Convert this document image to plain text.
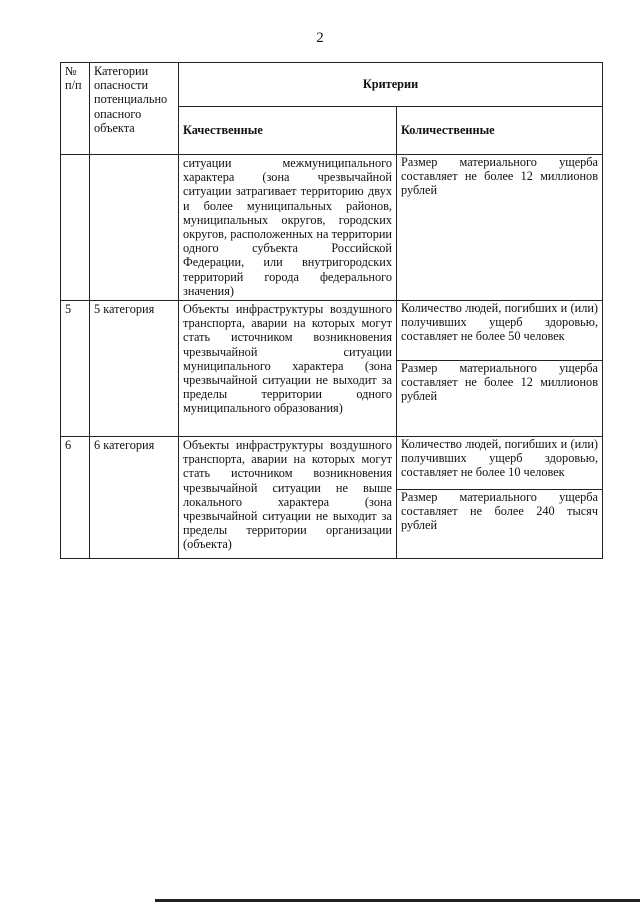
2
№
п/п	Категории опасности потенциально опасного объекта	Критерии	
		Качественные	Количественные
		ситуации межмуниципального характера (зона чрезвычайной ситуации затрагивает территорию двух и более муниципальных районов, муниципальных округов, городских округов, расположенных на территории одного субъекта Российской Федерации, или внутригородских территорий города федерального значения)	Размер материального ущерба составляет не более 12 миллионов рублей

5	5 категория	Объекты инфраструктуры воздушного транспорта, аварии на которых могут стать источником возникновения чрезвычайной ситуации муниципального характера (зона чрезвычайной ситуации не выходит за пределы территории одного муниципального образования)	Количество людей, погибших и (или) получивших ущерб здоровью, составляет не более 50 человек
Размер материального ущерба составляет не более 12 миллионов рублей

6	6 категория	Объекты инфраструктуры воздушного транспорта, аварии на которых могут стать источником возникновения чрезвычайной ситуации не выше локального характера (зона чрезвычайной ситуации не выходит за пределы территории организации (объекта)	Количество людей, погибших и (или) получивших ущерб здоровью, составляет не более 10 человек
Размер материального ущерба составляет не более 240 тысяч рублей
